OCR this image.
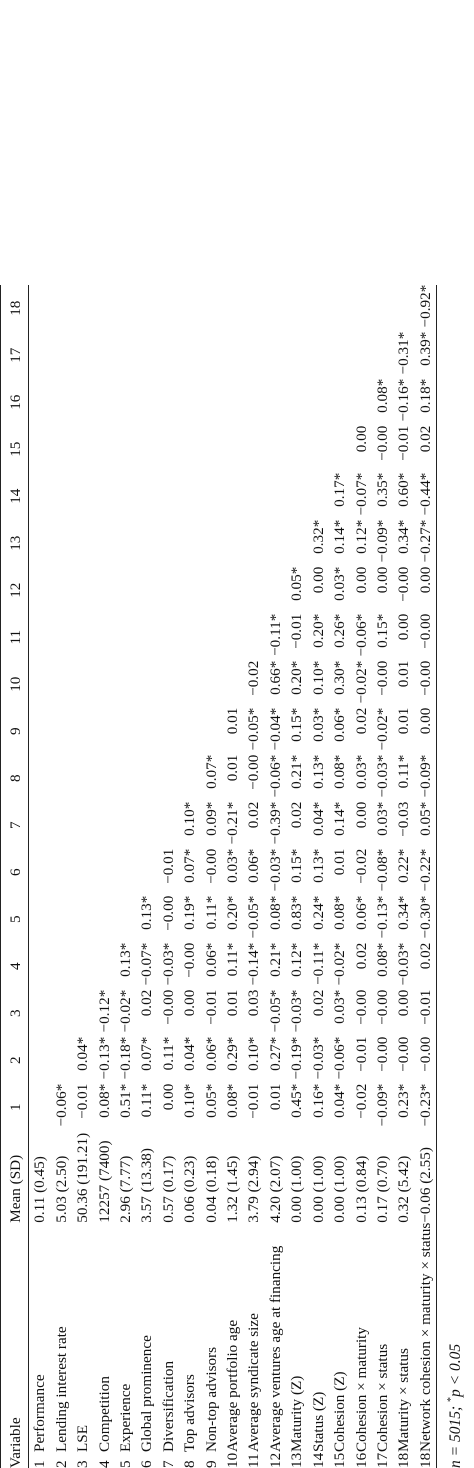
Variable		Mean (SD)	1	2	3	4	5	6	7	8	9	10	11	12	13	14	15	16	17	18
1	Performance	0.11 (0.45)																		
2	Lending interest rate	5.03 (2.50)	−0.06*																	
3	LSE	50.36 (191.21)	−0.01	0.04*																
4	Competition	12257 (7400)	0.08*	−0.13*	−0.12*															
5	Experience	2.96 (7.77)	0.51*	−0.18*	−0.02*	0.13*														
6	Global prominence	3.57 (13.38)	0.11*	0.07*	0.02	−0.07*	0.13*													
7	Diversification	0.57 (0.17)	0.00	0.11*	−0.00	−0.03*	−0.00	−0.01												
8	Top advisors	0.06 (0.23)	0.10*	0.04*	0.00	−0.00	0.19*	0.07*	0.10*											
9	Non-top advisors	0.04 (0.18)	0.05*	0.06*	−0.01	0.06*	0.11*	−0.00	0.09*	0.07*										
10	Average portfolio age	1.32 (1.45)	0.08*	0.29*	0.01	0.11*	0.20*	0.03*	−0.21*	0.01	0.01									
11	Average syndicate size	3.79 (2.94)	−0.01	0.10*	0.03	−0.14*	−0.05*	0.06*	0.02	−0.00	−0.05*	−0.02								
12	Average ventures age at financing	4.20 (2.07)	0.01	0.27*	−0.05*	0.21*	0.08*	−0.03*	−0.39*	−0.06*	−0.04*	0.66*	−0.11*							
13	Maturity (Z)	0.00 (1.00)	0.45*	−0.19*	−0.03*	0.12*	0.83*	0.15*	0.02	0.21*	0.15*	0.20*	−0.01	0.05*						
14	Status (Z)	0.00 (1.00)	0.16*	−0.03*	0.02	−0.11*	0.24*	0.13*	0.04*	0.13*	0.03*	0.10*	0.20*	0.00	0.32*					
15	Cohesion (Z)	0.00 (1.00)	0.04*	−0.06*	0.03*	−0.02*	0.08*	0.01	0.14*	0.08*	0.06*	0.30*	0.26*	0.03*	0.14*	0.17*				
16	Cohesion × maturity	0.13 (0.84)	−0.02	−0.01	−0.00	0.02	0.06*	−0.02	0.00	0.03*	0.02	−0.02*	−0.06*	0.00	0.12*	−0.07*	0.00			
17	Cohesion × status	0.17 (0.70)	−0.09*	−0.00	−0.00	0.08*	−0.13*	−0.08*	0.03*	−0.03*	−0.02*	−0.00	0.15*	0.00	−0.09*	0.35*	−0.00	0.08*		
18	Maturity × status	0.32 (5.42)	0.23*	−0.00	0.00	−0.03*	0.34*	0.22*	−0.03	0.11*	0.01	0.01	0.00	−0.00	0.34*	0.60*	−0.01	−0.16*	−0.31*	
18	Network cohesion × maturity × status	−0.06 (2.55)	−0.23*	−0.00	−0.01	0.02	−0.30*	−0.22*	0.05*	−0.09*	0.00	−0.00	−0.00	0.00	−0.27*	−0.44*	0.02	0.18*	0.39*	−0.92*
n = 5015; *p < 0.05
